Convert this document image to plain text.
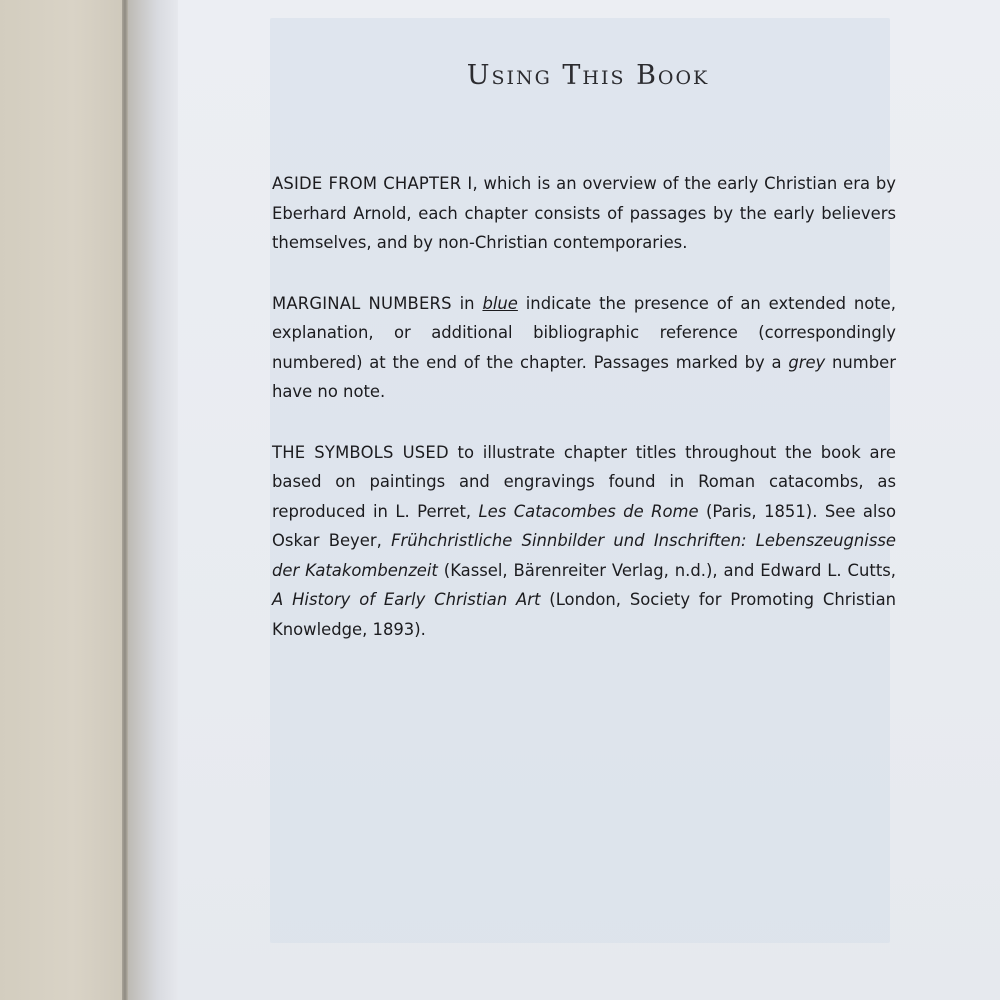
Using This Book

ASIDE FROM CHAPTER I, which is an overview of the early Christian era by Eberhard Arnold, each chapter consists of passages by the early believers themselves, and by non-Christian contemporaries.

MARGINAL NUMBERS in blue indicate the presence of an extended note, explanation, or additional bibliographic reference (correspondingly numbered) at the end of the chapter. Passages marked by a grey number have no note.

THE SYMBOLS USED to illustrate chapter titles throughout the book are based on paintings and engravings found in Roman catacombs, as reproduced in L. Perret, Les Catacombes de Rome (Paris, 1851). See also Oskar Beyer, Frühchristliche Sinnbilder und Inschriften: Lebenszeugnisse der Katakombenzeit (Kassel, Bärenreiter Verlag, n.d.), and Edward L. Cutts, A History of Early Christian Art (London, Society for Promoting Christian Knowledge, 1893).
